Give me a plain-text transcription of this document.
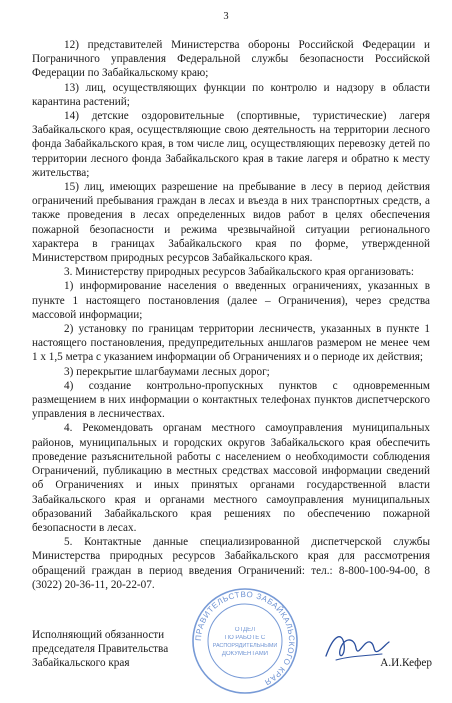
3

12) представителей Министерства обороны Российской Федерации и Пограничного управления Федеральной службы безопасности Российской Федерации по Забайкальскому краю;

13) лиц, осуществляющих функции по контролю и надзору в области карантина растений;

14) детские оздоровительные (спортивные, туристические) лагеря Забайкальского края, осуществляющие свою деятельность на территории лесного фонда Забайкальского края, в том числе лиц, осуществляющих перевозку детей по территории лесного фонда Забайкальского края в такие лагеря и обратно к месту жительства;

15) лиц, имеющих разрешение на пребывание в лесу в период действия ограничений пребывания граждан в лесах и въезда в них транспортных средств, а также проведения в лесах определенных видов работ в целях обеспечения пожарной безопасности и режима чрезвычайной ситуации регионального характера в границах Забайкальского края по форме, утвержденной Министерством природных ресурсов Забайкальского края.

3. Министерству природных ресурсов Забайкальского края организовать:

1) информирование населения о введенных ограничениях, указанных в пункте 1 настоящего постановления (далее – Ограничения), через средства массовой информации;

2) установку по границам территории лесничеств, указанных в пункте 1 настоящего постановления, предупредительных аншлагов размером не менее чем 1 х 1,5 метра с указанием информации об Ограничениях и о периоде их действия;

3) перекрытие шлагбаумами лесных дорог;

4) создание контрольно-пропускных пунктов с одновременным размещением в них информации о контактных телефонах пунктов диспетчерского управления в лесничествах.

4. Рекомендовать органам местного самоуправления муниципальных районов, муниципальных и городских округов Забайкальского края обеспечить проведение разъяснительной работы с населением о необходимости соблюдения Ограничений, публикацию в местных средствах массовой информации сведений об Ограничениях и иных принятых органами государственной власти Забайкальского края и органами местного самоуправления муниципальных образований Забайкальского края решениях по обеспечению пожарной безопасности в лесах.

5. Контактные данные специализированной диспетчерской службы Министерства природных ресурсов Забайкальского края для рассмотрения обращений граждан в период введения Ограничений: тел.: 8-800-100-94-00, 8 (3022) 20-36-11, 20-22-07.

ПРАВИТЕЛЬСТВО ЗАБАЙКАЛЬСКОГО КРАЯ
ОТДЕЛ
ПО РАБОТЕ С
РАСПОРЯДИТЕЛЬНЫМИ
ДОКУМЕНТАМИ
Исполняющий обязанности
председателя Правительства
Забайкальского края	А.И.Кефер
